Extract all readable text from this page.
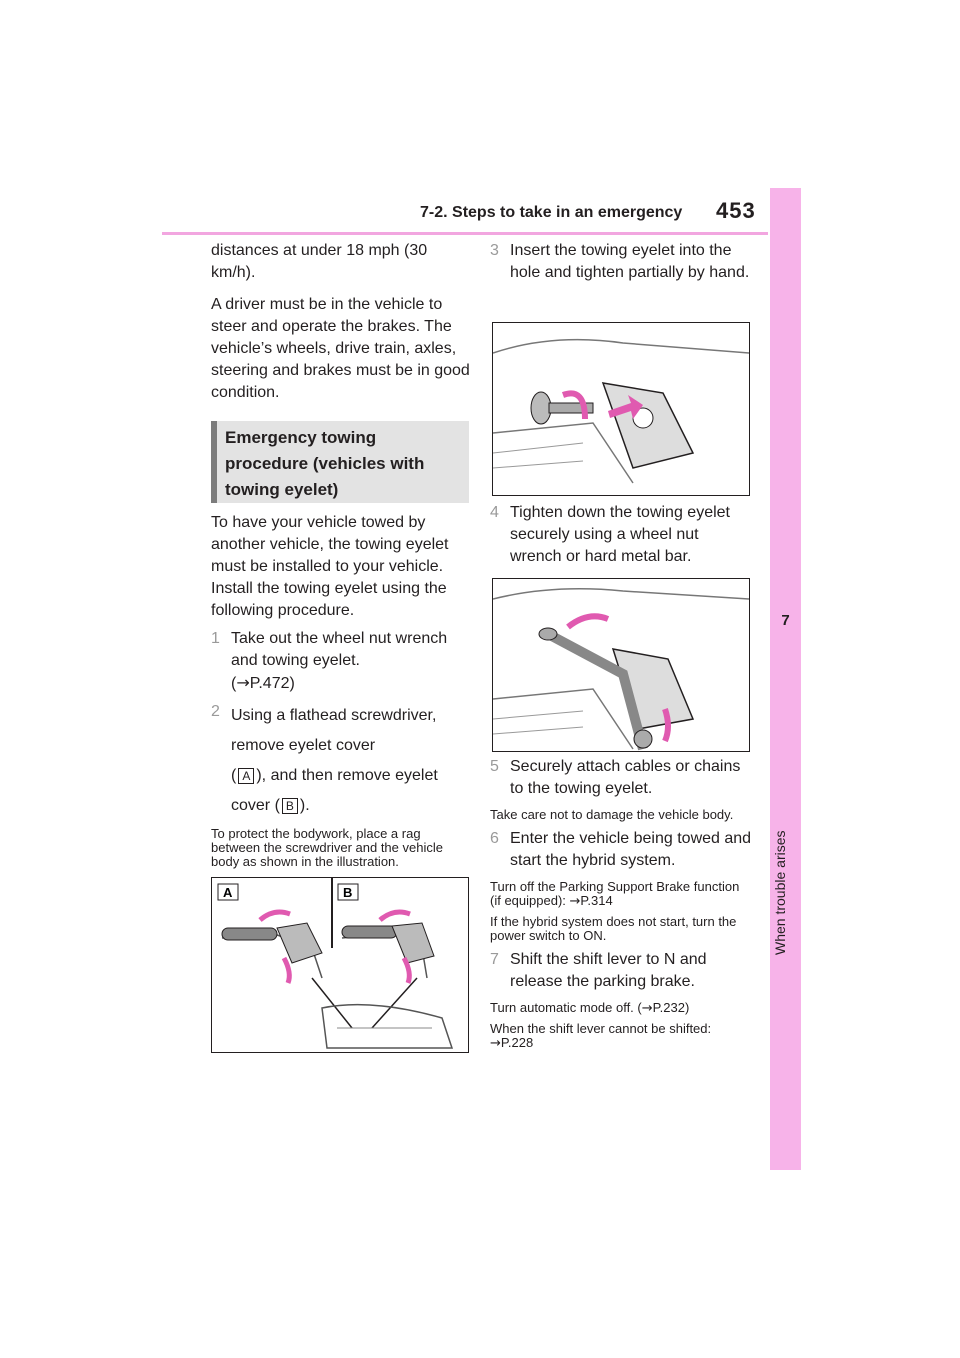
7-2. Steps to take in an emergency 453
7
When trouble arises

distances at under 18 mph (30 km/h).

A driver must be in the vehicle to steer and operate the brakes. The vehicle’s wheels, drive train, axles, steering and brakes must be in good condition.

Emergency towing procedure (vehicles with towing eyelet)

To have your vehicle towed by another vehicle, the towing eyelet must be installed to your vehicle. Install the towing eyelet using the following procedure.

1 Take out the wheel nut wrench and towing eyelet.
(→P.472)
2 Using a flathead screwdriver, remove eyelet cover
( A ), and then remove eyelet cover ( B ).

To protect the bodywork, place a rag between the screwdriver and the vehicle body as shown in the illustration.

A	B
3 Insert the towing eyelet into the hole and tighten partially by hand.
4 Tighten down the towing eyelet securely using a wheel nut wrench or hard metal bar.
5 Securely attach cables or chains to the towing eyelet.

Take care not to damage the vehicle body.

6 Enter the vehicle being towed and start the hybrid system.

Turn off the Parking Support Brake function (if equipped): →P.314

If the hybrid system does not start, turn the power switch to ON.

7 Shift the shift lever to N and release the parking brake.

Turn automatic mode off. (→P.232)

When the shift lever cannot be shifted: →P.228
